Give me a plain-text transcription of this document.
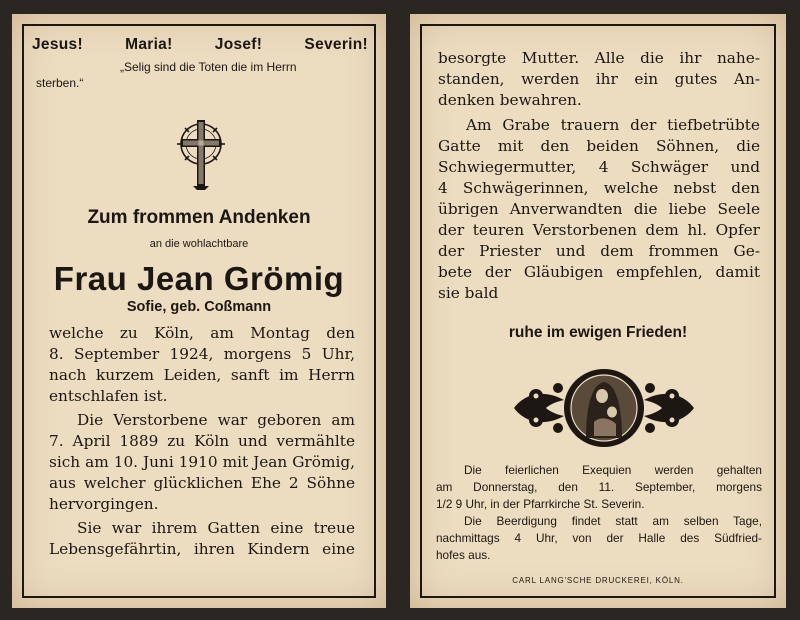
Jesus! Maria! Josef! Severin!

„Selig sind die Toten die im Herrn

sterben.“

Zum frommen Andenken

an die wohlachtbare

Frau Jean Grömig

Sofie, geb. Coßmann

welche zu Köln, am Montag den

8. September 1924, morgens 5 Uhr,

nach kurzem Leiden, sanft im Herrn

entschlafen ist.

Die Verstorbene war geboren am

7. April 1889 zu Köln und vermählte

sich am 10. Juni 1910 mit Jean Grömig,

aus welcher glücklichen Ehe 2 Söhne

hervorgingen.

Sie war ihrem Gatten eine treue

Lebensgefährtin, ihren Kindern eine

besorgte Mutter. Alle die ihr nahe-

standen, werden ihr ein gutes An-

denken bewahren.

Am Grabe trauern der tiefbetrübte

Gatte mit den beiden Söhnen, die

Schwiegermutter, 4 Schwäger und

4 Schwägerinnen, welche nebst den

übrigen Anverwandten die liebe Seele

der teuren Verstorbenen dem hl. Opfer

der Priester und dem frommen Ge-

bete der Gläubigen empfehlen, damit

sie bald

ruhe im ewigen Frieden!

Die feierlichen Exequien werden gehalten

am Donnerstag, den 11. September, morgens

1/2 9 Uhr, in der Pfarrkirche St. Severin.

Die Beerdigung findet statt am selben Tage,

nachmittags 4 Uhr, von der Halle des Südfried-

hofes aus.

CARL LANG'SCHE DRUCKEREI, KÖLN.
